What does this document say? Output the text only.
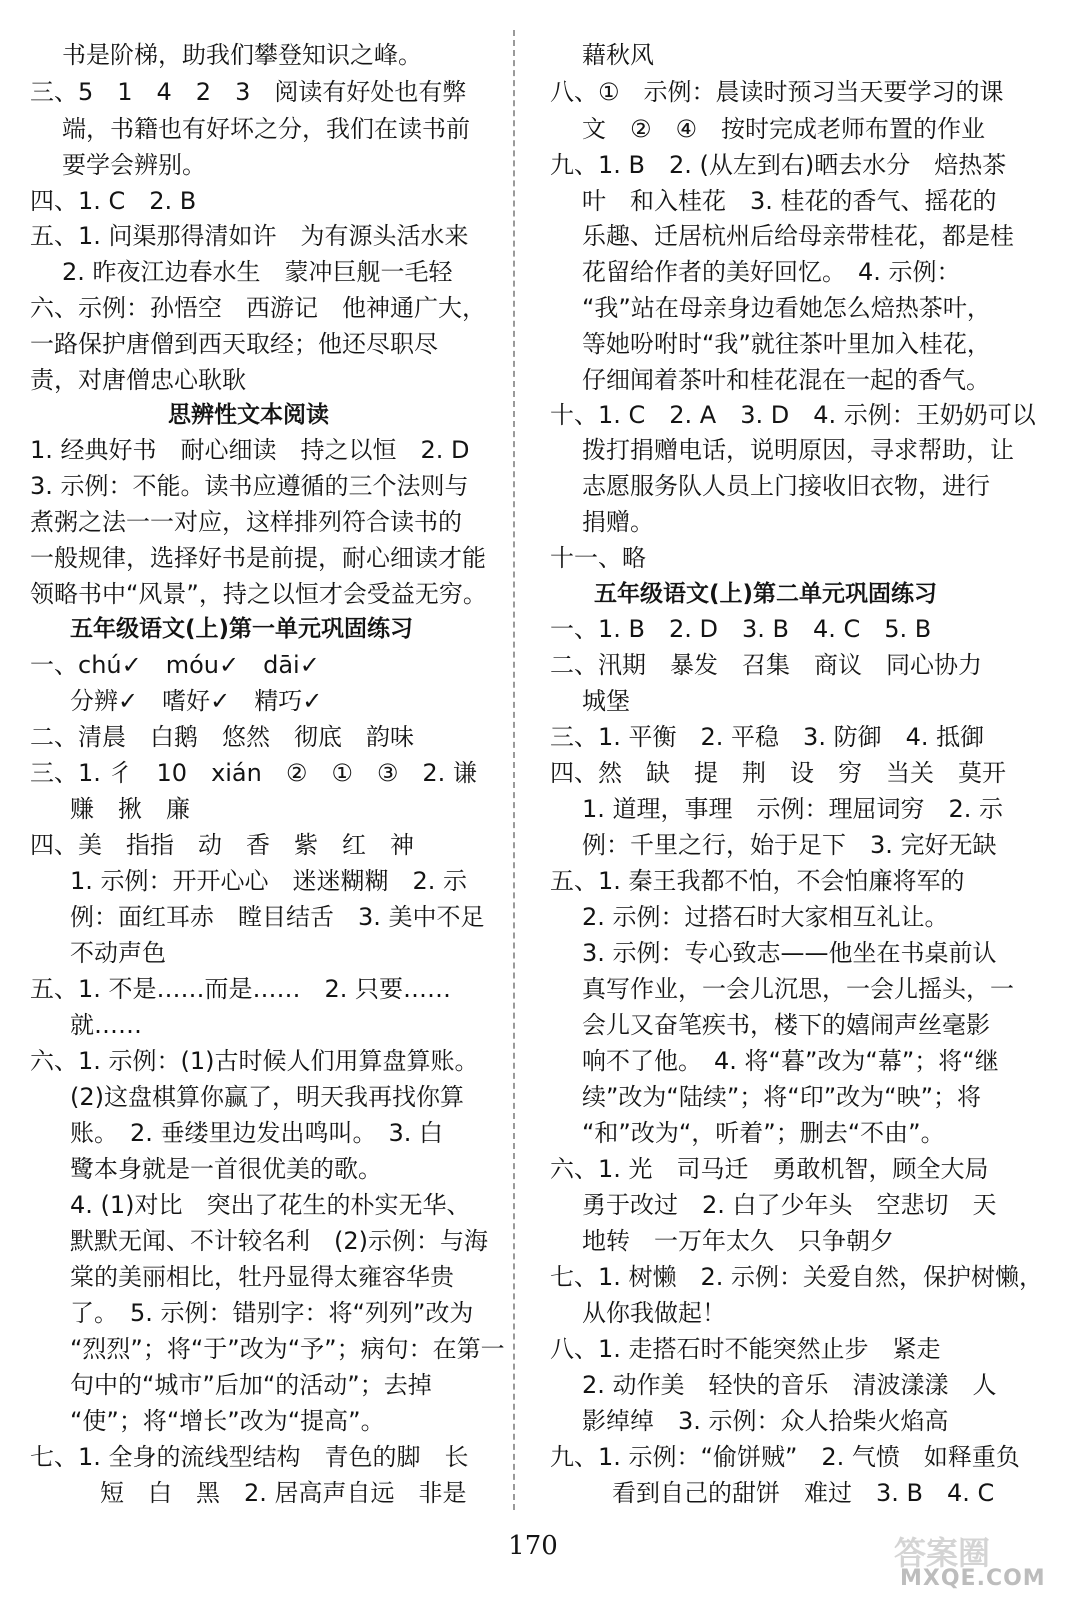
书是阶梯，助我们攀登知识之峰。
三、5　1　4　2　3　阅读有好处也有弊
端，书籍也有好坏之分，我们在读书前
要学会辨别。
四、1. C　2. B
五、1. 问渠那得清如许　为有源头活水来
2. 昨夜江边春水生　蒙冲巨舰一毛轻
六、示例：孙悟空　西游记　他神通广大，
一路保护唐僧到西天取经；他还尽职尽
责，对唐僧忠心耿耿
思辨性文本阅读
1. 经典好书　耐心细读　持之以恒　2. D
3. 示例：不能。读书应遵循的三个法则与
煮粥之法一一对应，这样排列符合读书的
一般规律，选择好书是前提，耐心细读才能
领略书中“风景”，持之以恒才会受益无穷。
五年级语文(上)第一单元巩固练习
一、chú✓　móu✓　dāi✓
分辨✓　嗜好✓　精巧✓
二、清晨　白鹅　悠然　彻底　韵味
三、1. 彳　10　xián　②　①　③　2. 谦
赚　揪　廉
四、美　指指　动　香　紫　红　神
1. 示例：开开心心　迷迷糊糊　2. 示
例：面红耳赤　瞠目结舌　3. 美中不足
不动声色
五、1. 不是……而是……　2. 只要……
就……
六、1. 示例：(1)古时候人们用算盘算账。
(2)这盘棋算你赢了，明天我再找你算
账。　2. 垂缕里边发出鸣叫。　3. 白
鹭本身就是一首很优美的歌。
4. (1)对比　突出了花生的朴实无华、
默默无闻、不计较名利　(2)示例：与海
棠的美丽相比，牡丹显得太雍容华贵
了。　5. 示例：错别字：将“列列”改为
“烈烈”；将“于”改为“予”；病句：在第一
句中的“城市”后加“的活动”；去掉
“使”；将“增长”改为“提高”。
七、1. 全身的流线型结构　青色的脚　长
短　白　黑　2. 居高声自远　非是
藉秋风
八、①　示例：晨读时预习当天要学习的课
文　②　④　按时完成老师布置的作业
九、1. B　2. (从左到右)晒去水分　焙热茶
叶　和入桂花　3. 桂花的香气、摇花的
乐趣、迁居杭州后给母亲带桂花，都是桂
花留给作者的美好回忆。　4. 示例：
“我”站在母亲身边看她怎么焙热茶叶，
等她吩咐时“我”就往茶叶里加入桂花，
仔细闻着茶叶和桂花混在一起的香气。
十、1. C　2. A　3. D　4. 示例：王奶奶可以
拨打捐赠电话，说明原因，寻求帮助，让
志愿服务队人员上门接收旧衣物，进行
捐赠。
十一、略
五年级语文(上)第二单元巩固练习
一、1. B　2. D　3. B　4. C　5. B
二、汛期　暴发　召集　商议　同心协力
城堡
三、1. 平衡　2. 平稳　3. 防御　4. 抵御
四、然　缺　提　荆　设　穷　当关　莫开
1. 道理，事理　示例：理屈词穷　2. 示
例：千里之行，始于足下　3. 完好无缺
五、1. 秦王我都不怕，不会怕廉将军的
2. 示例：过搭石时大家相互礼让。
3. 示例：专心致志——他坐在书桌前认
真写作业，一会儿沉思，一会儿摇头，一
会儿又奋笔疾书，楼下的嬉闹声丝毫影
响不了他。　4. 将“暮”改为“幕”；将“继
续”改为“陆续”；将“印”改为“映”；将
“和”改为“，听着”；删去“不由”。
六、1. 光　司马迁　勇敢机智，顾全大局
勇于改过　2. 白了少年头　空悲切　天
地转　一万年太久　只争朝夕
七、1. 树懒　2. 示例：关爱自然，保护树懒，
从你我做起！
八、1. 走搭石时不能突然止步　紧走
2. 动作美　轻快的音乐　清波漾漾　人
影绰绰　3. 示例：众人拾柴火焰高
九、1. 示例：“偷饼贼”　2. 气愤　如释重负
看到自己的甜饼　难过　3. B　4. C
170	答案圈
MXQE.COM
